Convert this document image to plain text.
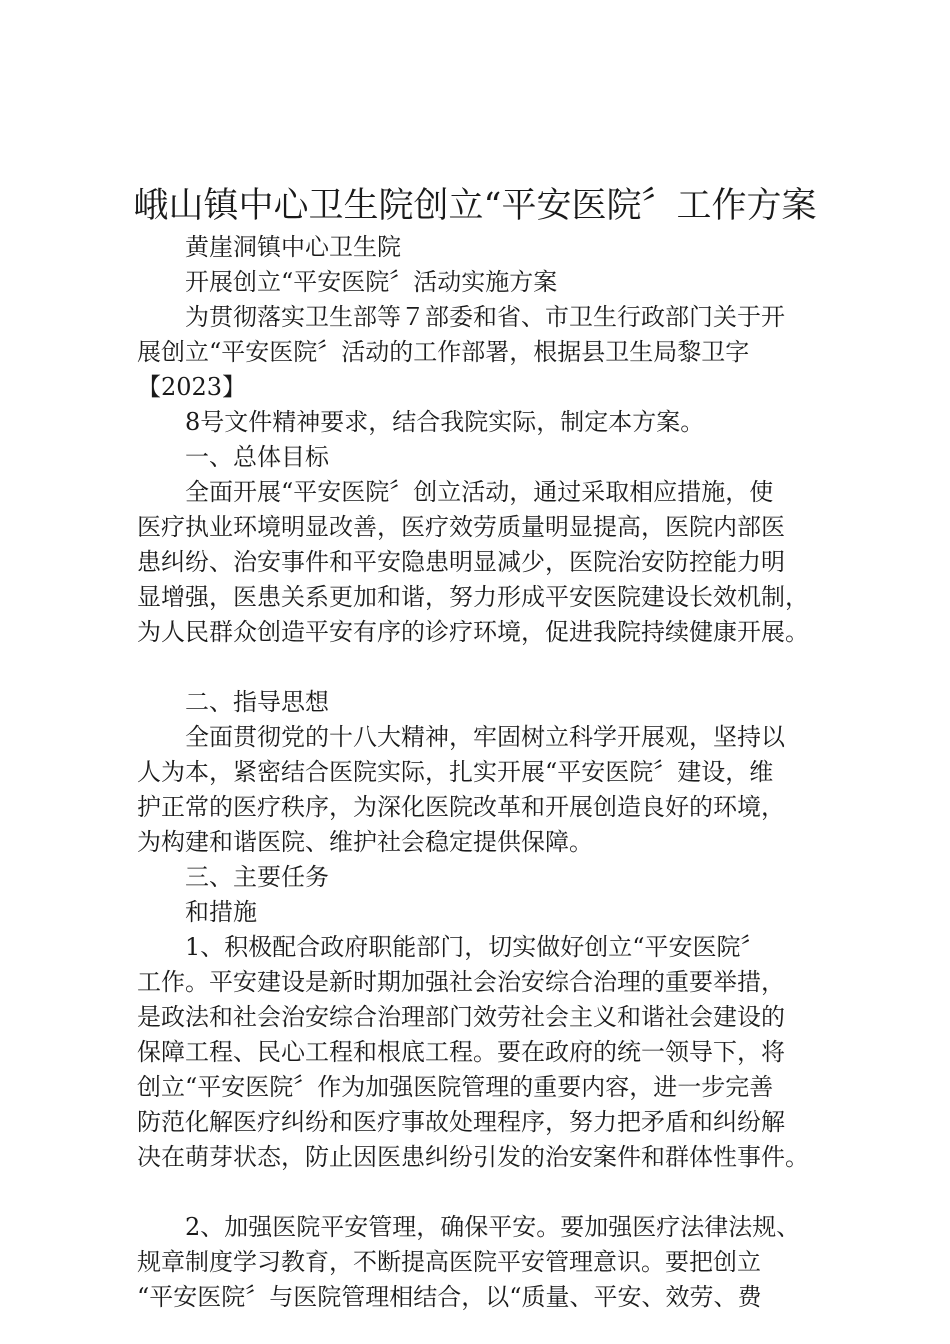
峨山镇中心卫生院创立“平安医院〞工作方案
黄崖洞镇中心卫生院
开展创立“平安医院〞活动实施方案
为贯彻落实卫生部等７部委和省、市卫生行政部门关于开
展创立“平安医院〞活动的工作部署，根据县卫生局黎卫字
【2023】
8号文件精神要求，结合我院实际，制定本方案。
一、总体目标
全面开展“平安医院〞创立活动，通过采取相应措施，使
医疗执业环境明显改善，医疗效劳质量明显提高，医院内部医
患纠纷、治安事件和平安隐患明显减少，医院治安防控能力明
显增强，医患关系更加和谐，努力形成平安医院建设长效机制，
为人民群众创造平安有序的诊疗环境，促进我院持续健康开展。
二、指导思想
全面贯彻党的十八大精神，牢固树立科学开展观，坚持以
人为本，紧密结合医院实际，扎实开展“平安医院〞建设，维
护正常的医疗秩序，为深化医院改革和开展创造良好的环境，
为构建和谐医院、维护社会稳定提供保障。
三、主要任务
和措施
1、积极配合政府职能部门，切实做好创立“平安医院〞
工作。平安建设是新时期加强社会治安综合治理的重要举措，
是政法和社会治安综合治理部门效劳社会主义和谐社会建设的
保障工程、民心工程和根底工程。要在政府的统一领导下，将
创立“平安医院〞作为加强医院管理的重要内容，进一步完善
防范化解医疗纠纷和医疗事故处理程序，努力把矛盾和纠纷解
决在萌芽状态，防止因医患纠纷引发的治安案件和群体性事件。
2、加强医院平安管理，确保平安。要加强医疗法律法规、
规章制度学习教育，不断提高医院平安管理意识。要把创立
“平安医院〞与医院管理相结合，以“质量、平安、效劳、费
